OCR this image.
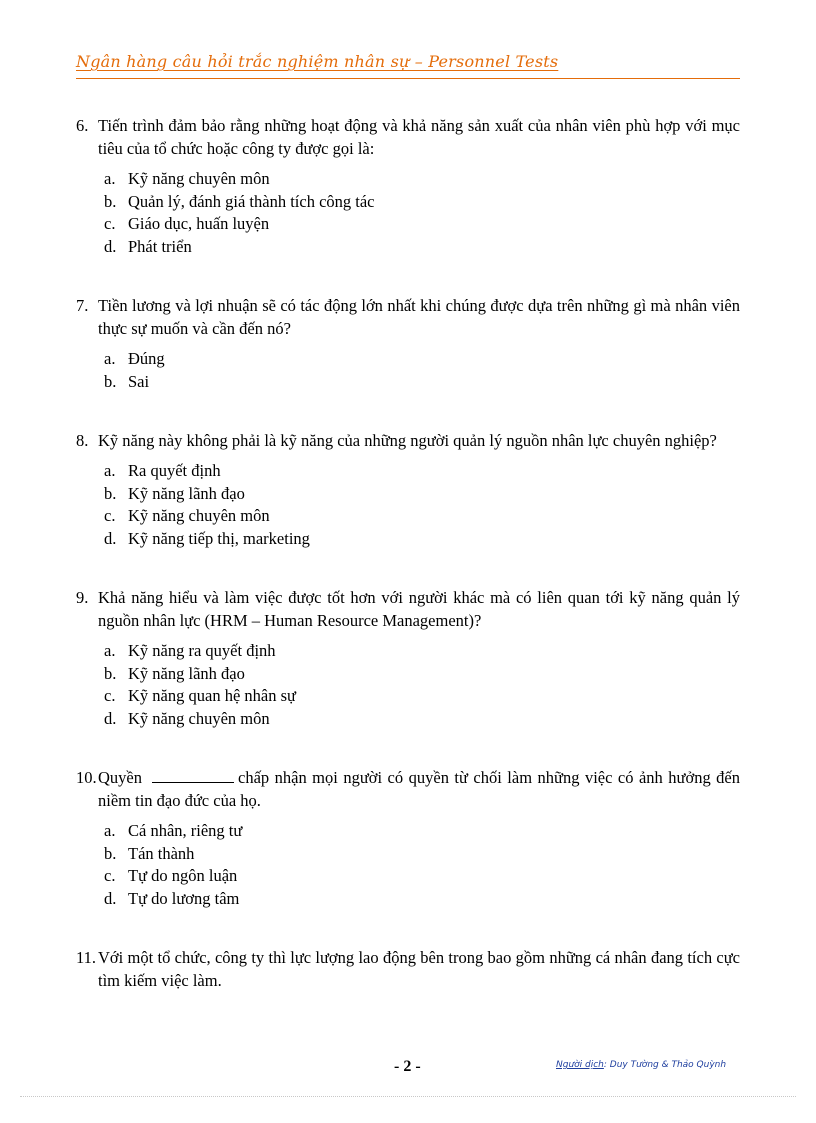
Ngân hàng câu hỏi trắc nghiệm nhân sự – Personnel Tests
6. Tiến trình đảm bảo rằng những hoạt động và khả năng sản xuất của nhân viên phù hợp với mục tiêu của tổ chức hoặc công ty được gọi là:
a. Kỹ năng chuyên môn
b. Quản lý, đánh giá thành tích công tác
c. Giáo dục, huấn luyện
d. Phát triển
7. Tiền lương và lợi nhuận sẽ có tác động lớn nhất khi chúng được dựa trên những gì mà nhân viên thực sự muốn và cần đến nó?
a. Đúng
b. Sai
8. Kỹ năng này không phải là kỹ năng của những người quản lý nguồn nhân lực chuyên nghiệp?
a. Ra quyết định
b. Kỹ năng lãnh đạo
c. Kỹ năng chuyên môn
d. Kỹ năng tiếp thị, marketing
9. Khả năng hiểu và làm việc được tốt hơn với người khác mà có liên quan tới kỹ năng quản lý nguồn nhân lực (HRM – Human Resource Management)?
a. Kỹ năng ra quyết định
b. Kỹ năng lãnh đạo
c. Kỹ năng quan hệ nhân sự
d. Kỹ năng chuyên môn
10. Quyền	chấp nhận mọi người có quyền từ chối làm những việc có ảnh hưởng đến niềm tin đạo đức của họ.
a. Cá nhân, riêng tư
b. Tán thành
c. Tự do ngôn luận
d. Tự do lương tâm
11. Với một tổ chức, công ty thì lực lượng lao động bên trong bao gồm những cá nhân đang tích cực tìm kiếm việc làm.
- 2 -	Người dịch: Duy Tường & Thảo Quỳnh
